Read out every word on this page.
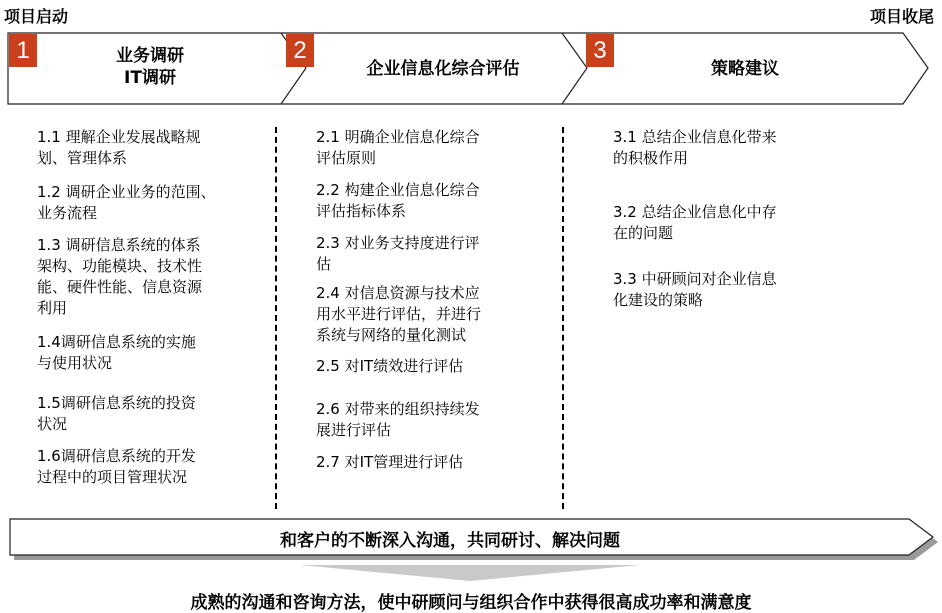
项目启动	项目收尾
1	2	3
业务调研
IT调研	企业信息化综合评估	策略建议
1.1 理解企业发展战略规
划、管理体系
1.2 调研企业业务的范围、
业务流程
1.3 调研信息系统的体系
架构、功能模块、技术性
能、硬件性能、信息资源
利用
1.4调研信息系统的实施
与使用状况
1.5调研信息系统的投资
状况
1.6调研信息系统的开发
过程中的项目管理状况
2.1 明确企业信息化综合
评估原则
2.2 构建企业信息化综合
评估指标体系
2.3 对业务支持度进行评
估
2.4 对信息资源与技术应
用水平进行评估，并进行
系统与网络的量化测试
2.5 对IT绩效进行评估
2.6 对带来的组织持续发
展进行评估
2.7 对IT管理进行评估
3.1 总结企业信息化带来
的积极作用
3.2 总结企业信息化中存
在的问题
3.3 中研顾问对企业信息
化建设的策略
和客户的不断深入沟通，共同研讨、解决问题
成熟的沟通和咨询方法，使中研顾问与组织合作中获得很高成功率和满意度
